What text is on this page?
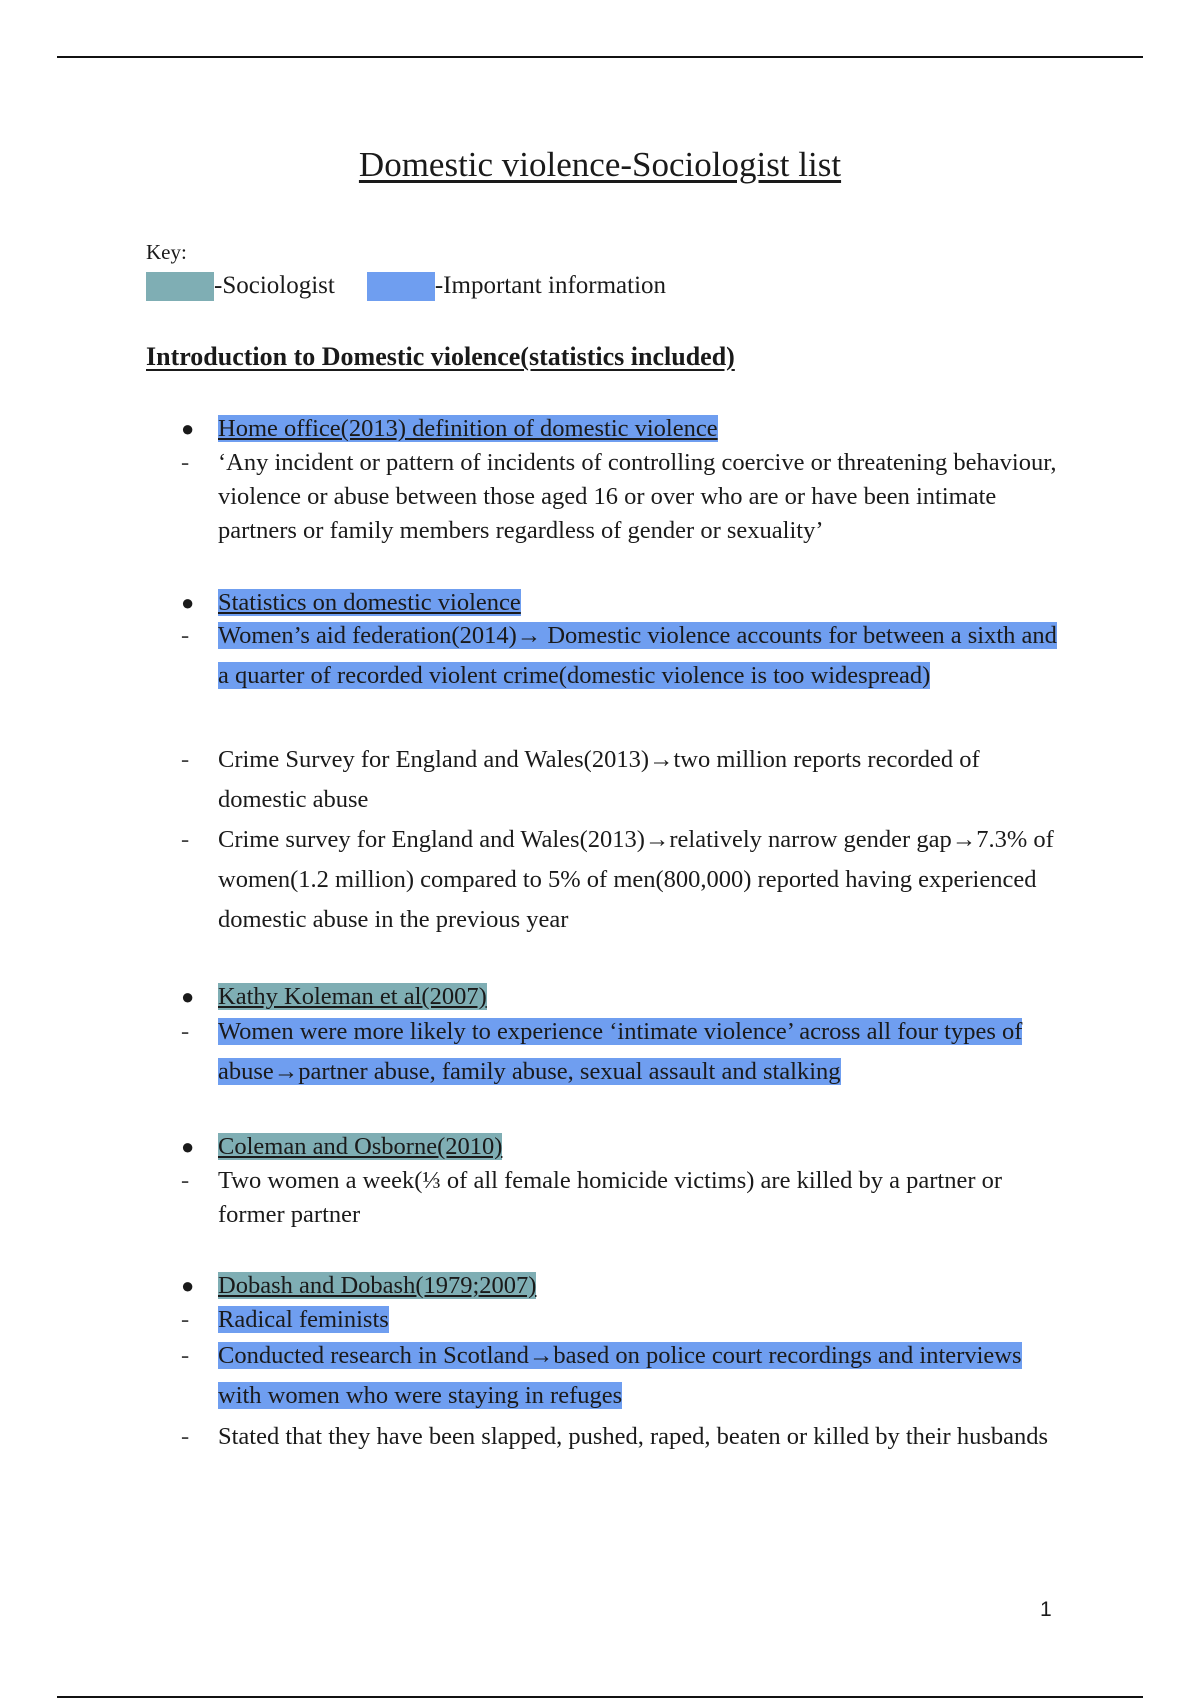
Domestic violence-Sociologist list
Key:
-Sociologist	-Important information
Introduction to Domestic violence(statistics included)
● Home office(2013) definition of domestic violence
-	‘Any incident or pattern of incidents of controlling coercive or threatening behaviour, violence or abuse between those aged 16 or over who are or have been intimate partners or family members regardless of gender or sexuality’
● Statistics on domestic violence
-	Women’s aid federation(2014)→ Domestic violence accounts for between a sixth and a quarter of recorded violent crime(domestic violence is too widespread)
-	Crime Survey for England and Wales(2013)→two million reports recorded of domestic abuse
-	Crime survey for England and Wales(2013)→relatively narrow gender gap→7.3% of women(1.2 million) compared to 5% of men(800,000) reported having experienced domestic abuse in the previous year
● Kathy Koleman et al(2007)
-	Women were more likely to experience ‘intimate violence’ across all four types of abuse→partner abuse, family abuse, sexual assault and stalking
● Coleman and Osborne(2010)
-	Two women a week(⅓ of all female homicide victims) are killed by a partner or former partner
● Dobash and Dobash(1979;2007)
-	Radical feminists
-	Conducted research in Scotland→based on police court recordings and interviews with women who were staying in refuges
-	Stated that they have been slapped, pushed, raped, beaten or killed by their husbands
1
